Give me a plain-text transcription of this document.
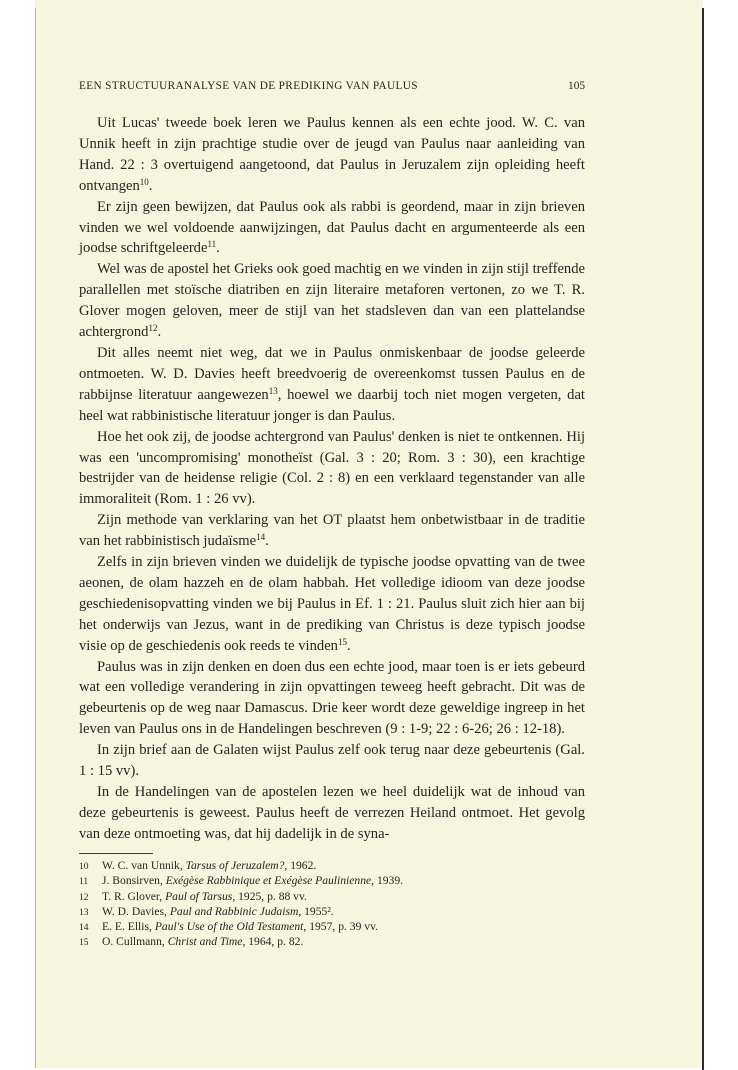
EEN STRUCTUURANALYSE VAN DE PREDIKING VAN PAULUS	105

Uit Lucas' tweede boek leren we Paulus kennen als een echte jood. W. C. van Unnik heeft in zijn prachtige studie over de jeugd van Paulus naar aanleiding van Hand. 22 : 3 overtuigend aangetoond, dat Paulus in Jeruzalem zijn opleiding heeft ontvangen$^{10}$.

Er zijn geen bewijzen, dat Paulus ook als rabbi is geordend, maar in zijn brieven vinden we wel voldoende aanwijzingen, dat Paulus dacht en argumenteerde als een joodse schriftgeleerde$^{11}$.

Wel was de apostel het Grieks ook goed machtig en we vinden in zijn stijl treffende parallellen met stoïsche diatriben en zijn literaire metaforen vertonen, zo we T. R. Glover mogen geloven, meer de stijl van het stadsleven dan van een plattelandse achtergrond$^{12}$.

Dit alles neemt niet weg, dat we in Paulus onmiskenbaar de joodse geleerde ontmoeten. W. D. Davies heeft breedvoerig de overeenkomst tussen Paulus en de rabbijnse literatuur aangewezen$^{13}$, hoewel we daarbij toch niet mogen vergeten, dat heel wat rabbinistische literatuur jonger is dan Paulus.

Hoe het ook zij, de joodse achtergrond van Paulus' denken is niet te ontkennen. Hij was een 'uncompromising' monotheïst (Gal. 3 : 20; Rom. 3 : 30), een krachtige bestrijder van de heidense religie (Col. 2 : 8) en een verklaard tegenstander van alle immoraliteit (Rom. 1 : 26 vv).

Zijn methode van verklaring van het OT plaatst hem onbetwistbaar in de traditie van het rabbinistisch judaïsme$^{14}$.

Zelfs in zijn brieven vinden we duidelijk de typische joodse opvatting van de twee aeonen, de olam hazzeh en de olam habbah. Het volledige idioom van deze joodse geschiedenisopvatting vinden we bij Paulus in Ef. 1 : 21. Paulus sluit zich hier aan bij het onderwijs van Jezus, want in de prediking van Christus is deze typisch joodse visie op de geschiedenis ook reeds te vinden$^{15}$.

Paulus was in zijn denken en doen dus een echte jood, maar toen is er iets gebeurd wat een volledige verandering in zijn opvattingen teweeg heeft gebracht. Dit was de gebeurtenis op de weg naar Damascus. Drie keer wordt deze geweldige ingreep in het leven van Paulus ons in de Handelingen beschreven (9 : 1-9; 22 : 6-26; 26 : 12-18).

In zijn brief aan de Galaten wijst Paulus zelf ook terug naar deze gebeurtenis (Gal. 1 : 15 vv).

In de Handelingen van de apostelen lezen we heel duidelijk wat de inhoud van deze gebeurtenis is geweest. Paulus heeft de verrezen Heiland ontmoet. Het gevolg van deze ontmoeting was, dat hij dadelijk in de syna-

10 W. C. van Unnik, Tarsus of Jeruzalem?, 1962.
11 J. Bonsirven, Exégèse Rabbinique et Exégèse Paulinienne, 1939.
12 T. R. Glover, Paul of Tarsus, 1925, p. 88 vv.
13 W. D. Davies, Paul and Rabbinic Judaism, 1955².
14 E. E. Ellis, Paul's Use of the Old Testament, 1957, p. 39 vv.
15 O. Cullmann, Christ and Time, 1964, p. 82.
